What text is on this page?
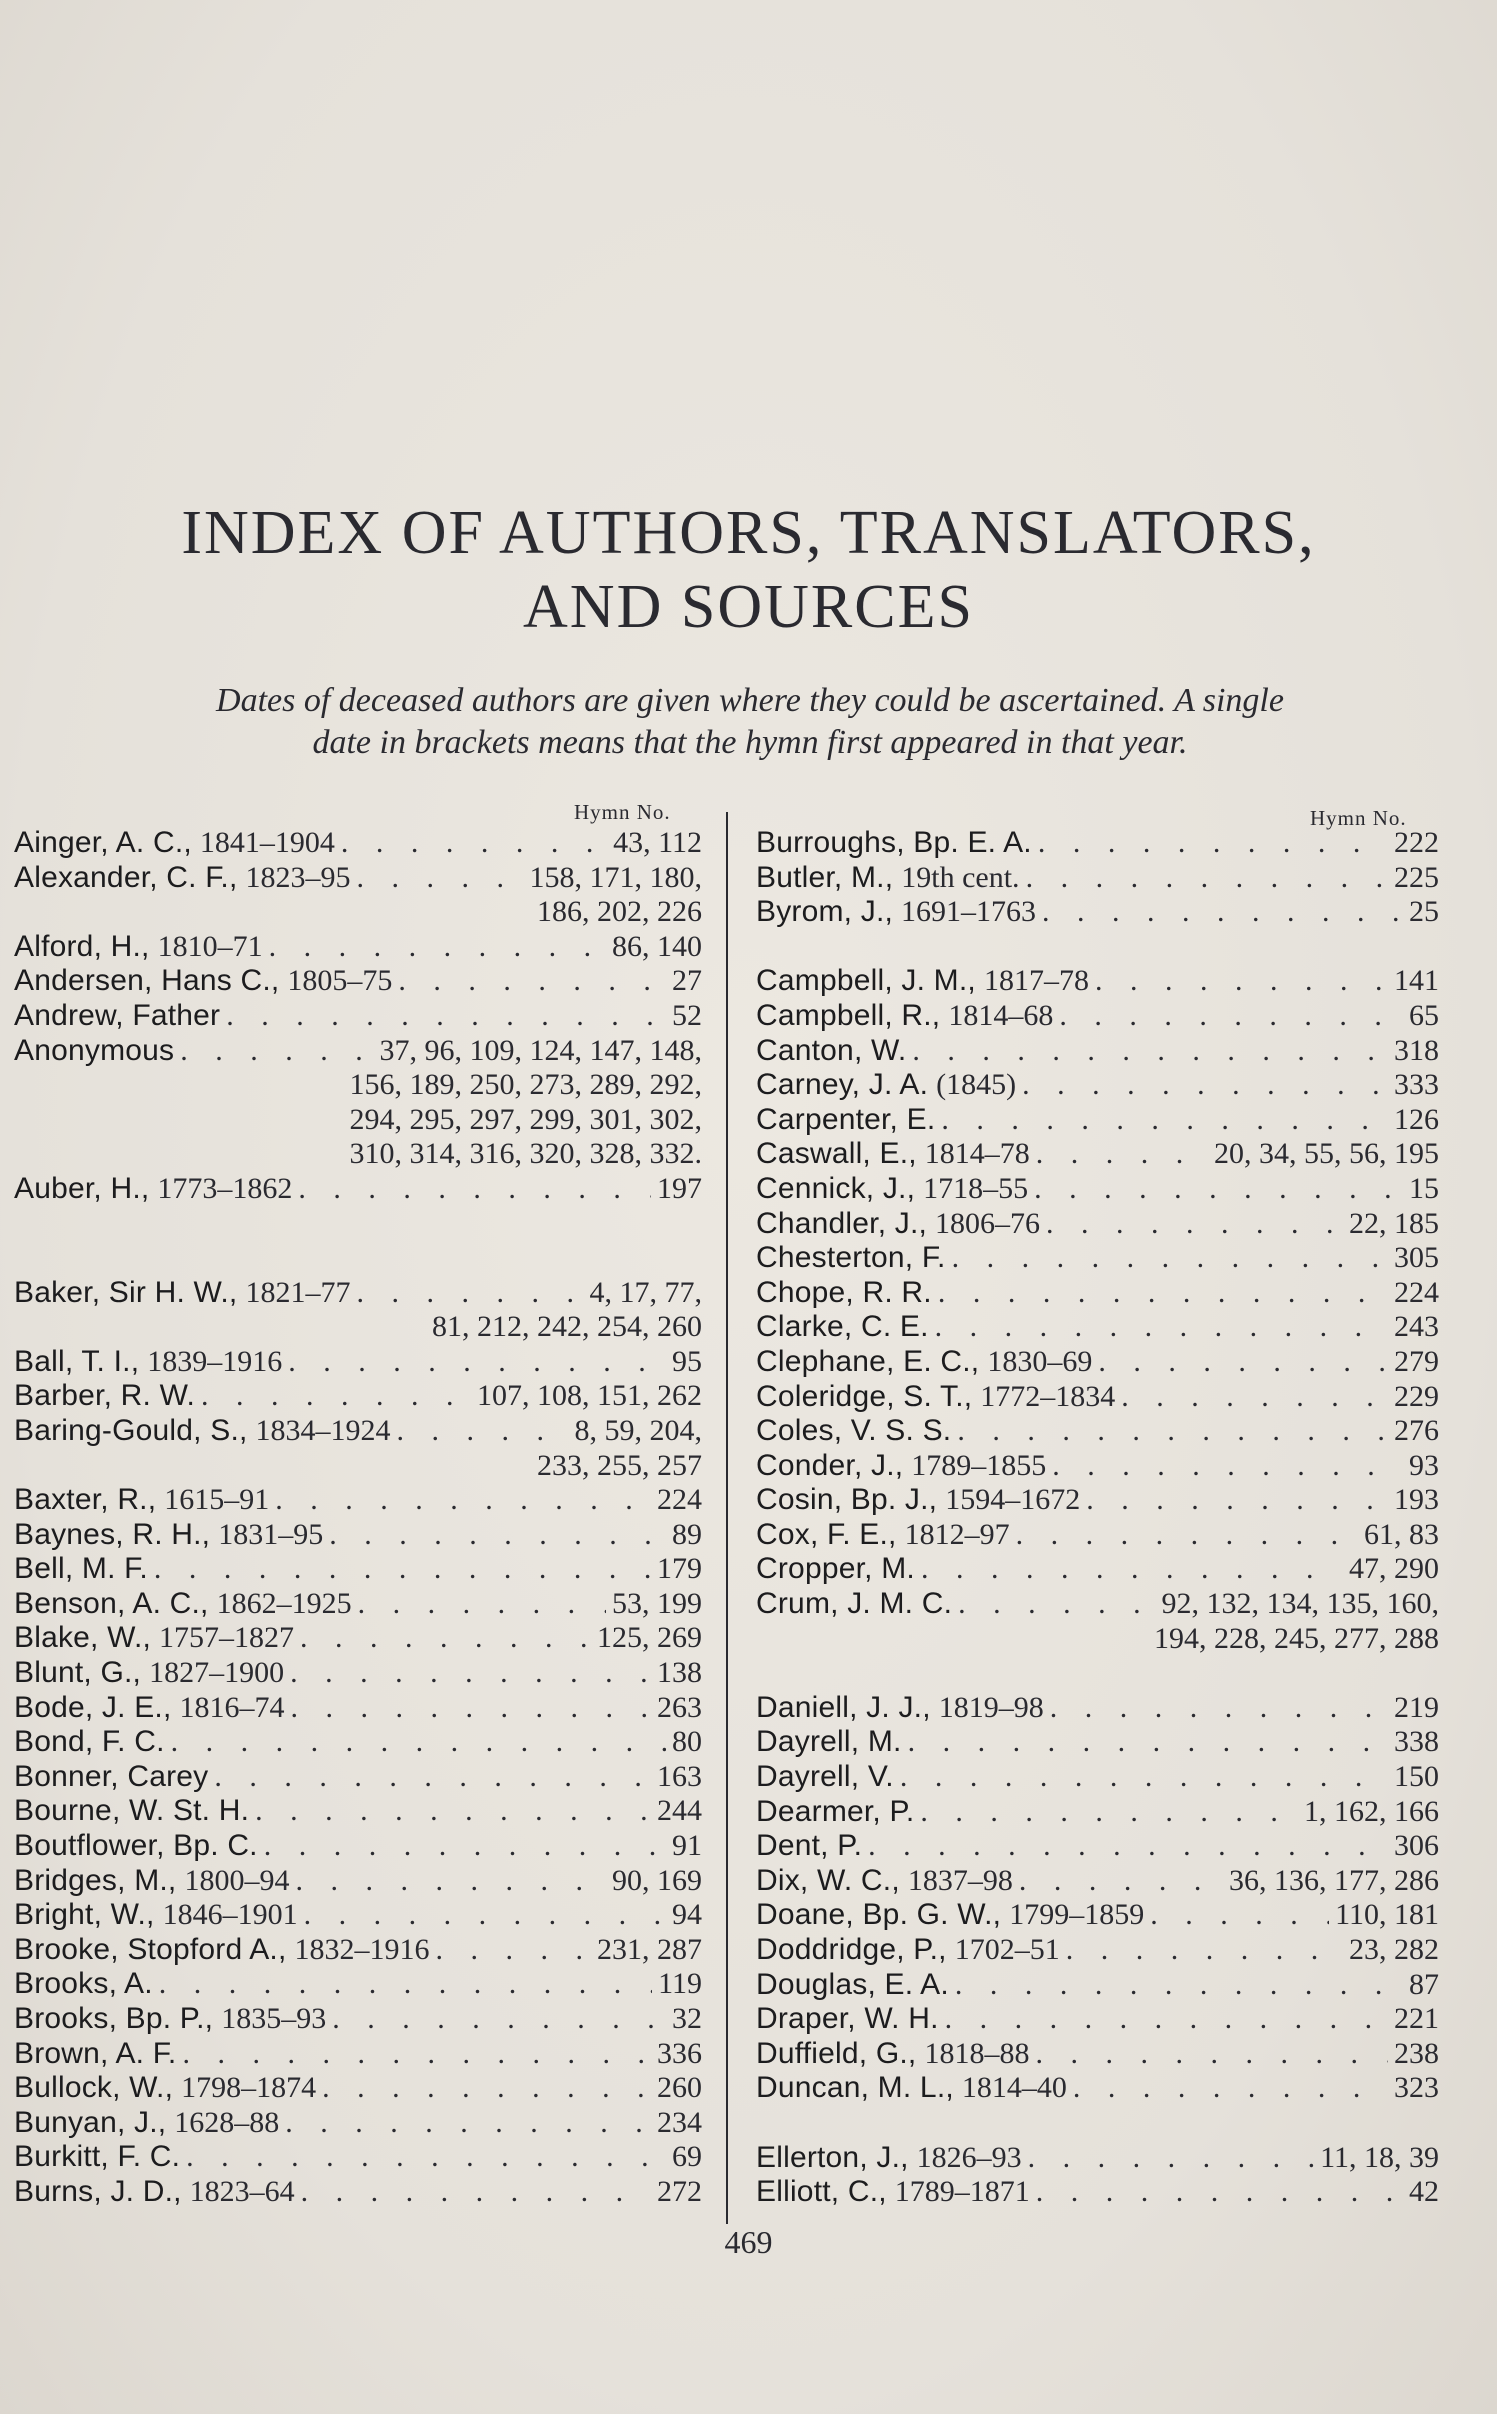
INDEX OF AUTHORS, TRANSLATORS,
AND SOURCES
Dates of deceased authors are given where they could be ascertained. A single
date in brackets means that the hymn first appeared in that year.
Hymn No.	Hymn No.
Ainger, A. C., 1841–1904 . . .	43, 112
Alexander, C. F., 1823–95 . . .	158, 171, 180,
186, 202, 226
Alford, H., 1810–71 . . .	86, 140
Andersen, Hans C., 1805–75 . . .	27
Andrew, Father . . .	52
Anonymous . . .	37, 96, 109, 124, 147, 148,
156, 189, 250, 273, 289, 292,
294, 295, 297, 299, 301, 302,
310, 314, 316, 320, 328, 332.
Auber, H., 1773–1862 . . .	197
Baker, Sir H. W., 1821–77 . . .	4, 17, 77,
81, 212, 242, 254, 260
Ball, T. I., 1839–1916 . . .	95
Barber, R. W. . . .	107, 108, 151, 262
Baring-Gould, S., 1834–1924 . . .	8, 59, 204,
233, 255, 257
Baxter, R., 1615–91 . . .	224
Baynes, R. H., 1831–95 . . .	89
Bell, M. F. . . .	179
Benson, A. C., 1862–1925 . . .	53, 199
Blake, W., 1757–1827 . . .	125, 269
Blunt, G., 1827–1900 . . .	138
Bode, J. E., 1816–74 . . .	263
Bond, F. C. . . .	80
Bonner, Carey . . .	163
Bourne, W. St. H. . . .	244
Boutflower, Bp. C. . . .	91
Bridges, M., 1800–94 . . .	90, 169
Bright, W., 1846–1901 . . .	94
Brooke, Stopford A., 1832–1916 . . .	231, 287
Brooks, A. . . .	119
Brooks, Bp. P., 1835–93 . . .	32
Brown, A. F. . . .	336
Bullock, W., 1798–1874 . . .	260
Bunyan, J., 1628–88 . . .	234
Burkitt, F. C. . . .	69
Burns, J. D., 1823–64 . . .	272
Burroughs, Bp. E. A. . . .	222
Butler, M., 19th cent. . . .	225
Byrom, J., 1691–1763 . . .	25
Campbell, J. M., 1817–78 . . .	141
Campbell, R., 1814–68 . . .	65
Canton, W. . . .	318
Carney, J. A. (1845) . . .	333
Carpenter, E. . . .	126
Caswall, E., 1814–78 . . .	20, 34, 55, 56, 195
Cennick, J., 1718–55 . . .	15
Chandler, J., 1806–76 . . .	22, 185
Chesterton, F. . . .	305
Chope, R. R. . . .	224
Clarke, C. E. . . .	243
Clephane, E. C., 1830–69 . . .	279
Coleridge, S. T., 1772–1834 . . .	229
Coles, V. S. S. . . .	276
Conder, J., 1789–1855 . . .	93
Cosin, Bp. J., 1594–1672 . . .	193
Cox, F. E., 1812–97 . . .	61, 83
Cropper, M. . . .	47, 290
Crum, J. M. C. . . .	92, 132, 134, 135, 160,
194, 228, 245, 277, 288
Daniell, J. J., 1819–98 . . .	219
Dayrell, M. . . .	338
Dayrell, V. . . .	150
Dearmer, P. . . .	1, 162, 166
Dent, P. . . .	306
Dix, W. C., 1837–98 . . .	36, 136, 177, 286
Doane, Bp. G. W., 1799–1859 . . .	110, 181
Doddridge, P., 1702–51 . . .	23, 282
Douglas, E. A. . . .	87
Draper, W. H. . . .	221
Duffield, G., 1818–88 . . .	238
Duncan, M. L., 1814–40 . . .	323
Ellerton, J., 1826–93 . . .	11, 18, 39
Elliott, C., 1789–1871 . . .	42
469
